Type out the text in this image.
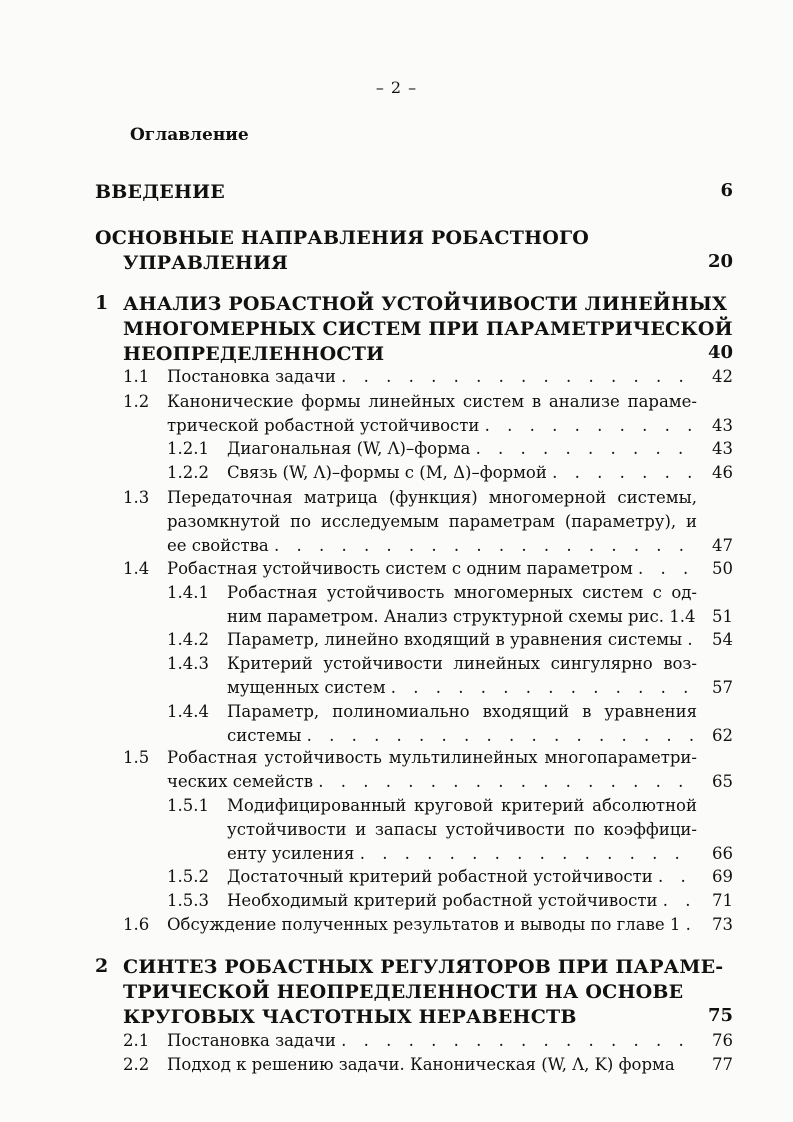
– 2 –
Оглавление
ВВЕДЕНИЕ	6
ОСНОВНЫЕ НАПРАВЛЕНИЯ РОБАСТНОГО
УПРАВЛЕНИЯ	20
1 АНАЛИЗ РОБАСТНОЙ УСТОЙЧИВОСТИ ЛИНЕЙНЫХ
МНОГОМЕРНЫХ СИСТЕМ ПРИ ПАРАМЕТРИЧЕСКОЙ
НЕОПРЕДЕЛЕННОСТИ	40
1.1 Постановка задачи . . . . . . . . . . . . . . . .	42
1.2 Канонические формы линейных систем в анализе параме-
трической робастной устойчивости . . . . . . . . . . 43
1.2.1 Диагональная (W, Λ)–форма . . . . . . . . . .	43
1.2.2 Связь (W, Λ)–формы с (M, Δ)–формой . . . . . . . 46
1.3 Передаточная матрица (функция) многомерной системы,
разомкнутой по исследуемым параметрам (параметру), и
ее свойства . . . . . . . . . . . . . . . . . . .	47
1.4 Робастная устойчивость систем с одним параметром . . . 50
1.4.1 Робастная устойчивость многомерных систем с од-
ним параметром. Анализ структурной схемы рис. 1.4 51
1.4.2 Параметр, линейно входящий в уравнения системы . 54
1.4.3 Критерий устойчивости линейных сингулярно воз-
мущенных систем . . . . . . . . . . . . . . 57
1.4.4 Параметр, полиномиально входящий в уравнения
системы . . . . . . . . . . . . . . . . . . 62
1.5 Робастная устойчивость мультилинейных многопараметри-
ческих семейств . . . . . . . . . . . . . . . . .	65
1.5.1 Модифицированный круговой критерий абсолютной
устойчивости и запасы устойчивости по коэффици-
енту усиления . . . . . . . . . . . . . . .	66
1.5.2 Достаточный критерий робастной устойчивости . .	69
1.5.3 Необходимый критерий робастной устойчивости . . 71
1.6 Обсуждение полученных результатов и выводы по главе 1 .	73
2 СИНТЕЗ РОБАСТНЫХ РЕГУЛЯТОРОВ ПРИ ПАРАМЕ-
ТРИЧЕСКОЙ НЕОПРЕДЕЛЕННОСТИ НА ОСНОВЕ
КРУГОВЫХ ЧАСТОТНЫХ НЕРАВЕНСТВ	75
2.1 Постановка задачи . . . . . . . . . . . . . . . .	76
2.2 Подход к решению задачи. Каноническая (W, Λ, K) форма	77
